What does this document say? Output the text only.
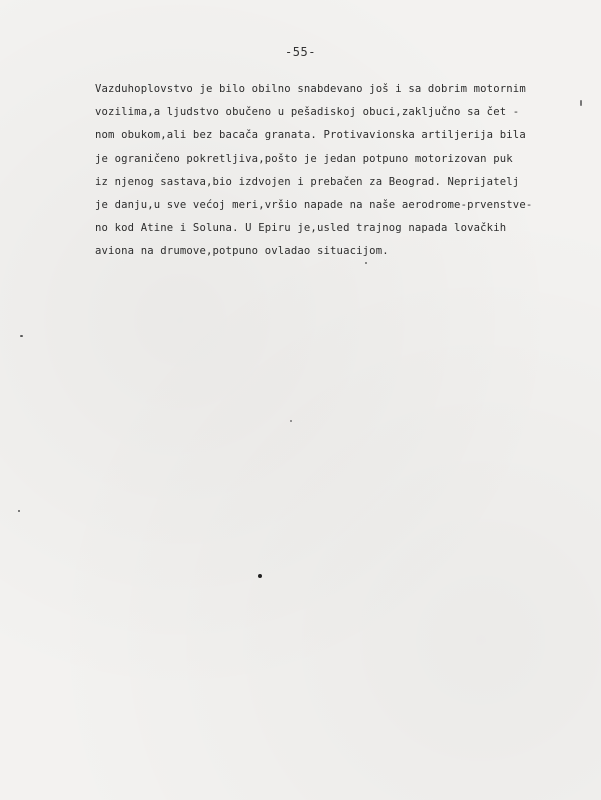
-55-
Vazduhoplovstvo je bilo obilno snabdevano još i sa dobrim motornim
vozilima,a ljudstvo obučeno u pešadiskoj obuci,zaključno sa čet -
nom obukom,ali bez bacača granata. Protivavionska artiljerija bila
je ograničeno pokretljiva,pošto je jedan potpuno motorizovan puk
iz njenog sastava,bio izdvojen i prebačen za Beograd. Neprijatelj
je danju,u sve većoj meri,vršio napade na naše aerodrome-prvenstve-
no kod Atine i Soluna. U Epiru je,usled trajnog napada lovačkih
aviona na drumove,potpuno ovladao situacijom.
